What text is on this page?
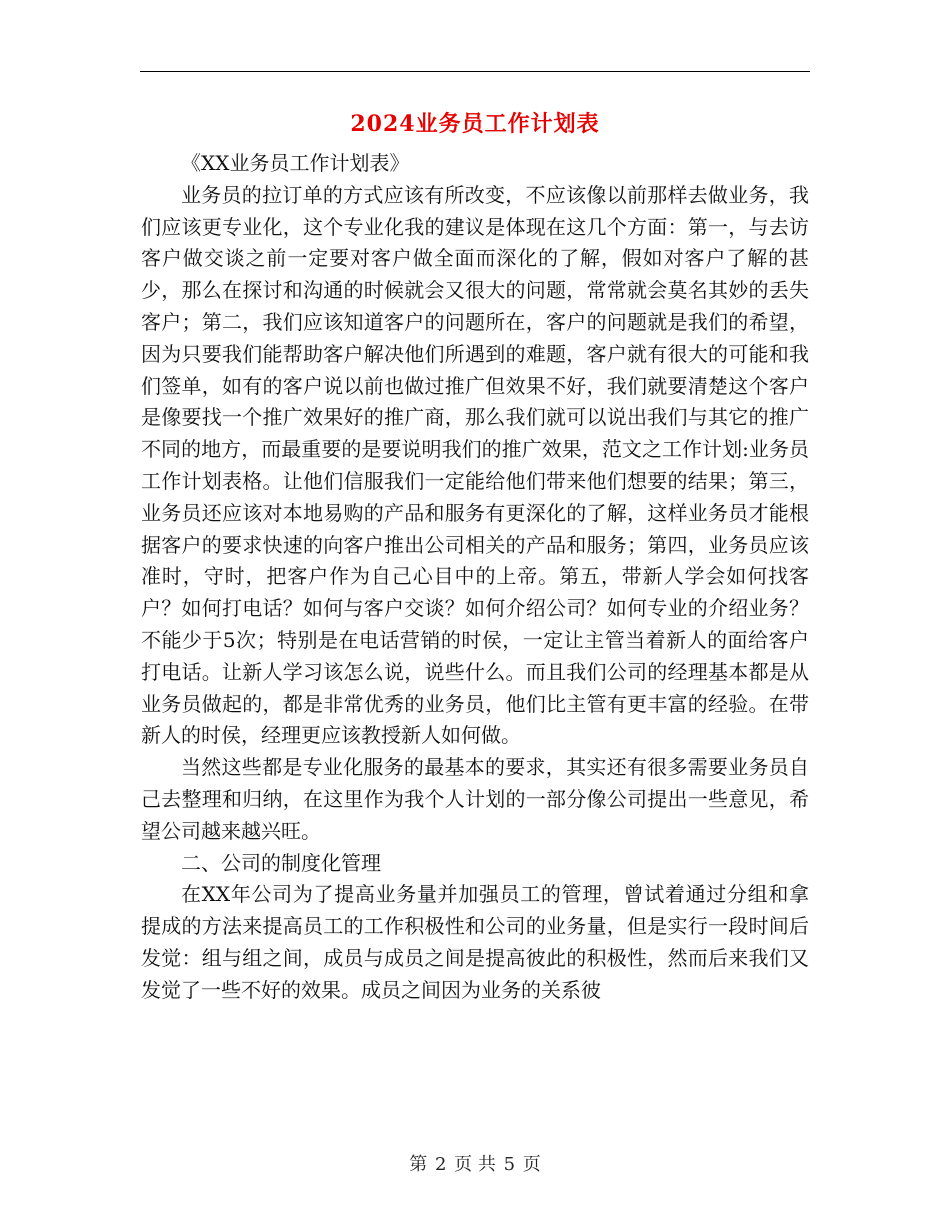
2024业务员工作计划表

《XX业务员工作计划表》

业务员的拉订单的方式应该有所改变，不应该像以前那样去做业务，我们应该更专业化，这个专业化我的建议是体现在这几个方面：第一，与去访客户做交谈之前一定要对客户做全面而深化的了解，假如对客户了解的甚少，那么在探讨和沟通的时候就会又很大的问题，常常就会莫名其妙的丢失客户；第二，我们应该知道客户的问题所在，客户的问题就是我们的希望，因为只要我们能帮助客户解决他们所遇到的难题，客户就有很大的可能和我们签单，如有的客户说以前也做过推广但效果不好，我们就要清楚这个客户是像要找一个推广效果好的推广商，那么我们就可以说出我们与其它的推广不同的地方，而最重要的是要说明我们的推广效果，范文之工作计划:业务员工作计划表格。让他们信服我们一定能给他们带来他们想要的结果；第三，业务员还应该对本地易购的产品和服务有更深化的了解，这样业务员才能根据客户的要求快速的向客户推出公司相关的产品和服务；第四，业务员应该准时，守时，把客户作为自己心目中的上帝。第五，带新人学会如何找客户？如何打电话？如何与客户交谈？如何介绍公司？如何专业的介绍业务？不能少于5次；特别是在电话营销的时侯，一定让主管当着新人的面给客户打电话。让新人学习该怎么说，说些什么。而且我们公司的经理基本都是从业务员做起的，都是非常优秀的业务员，他们比主管有更丰富的经验。在带新人的时侯，经理更应该教授新人如何做。

当然这些都是专业化服务的最基本的要求，其实还有很多需要业务员自己去整理和归纳，在这里作为我个人计划的一部分像公司提出一些意见，希望公司越来越兴旺。

二、公司的制度化管理

在XX年公司为了提高业务量并加强员工的管理，曾试着通过分组和拿提成的方法来提高员工的工作积极性和公司的业务量，但是实行一段时间后发觉：组与组之间，成员与成员之间是提高彼此的积极性，然而后来我们又发觉了一些不好的效果。成员之间因为业务的关系彼

第 2 页 共 5 页
